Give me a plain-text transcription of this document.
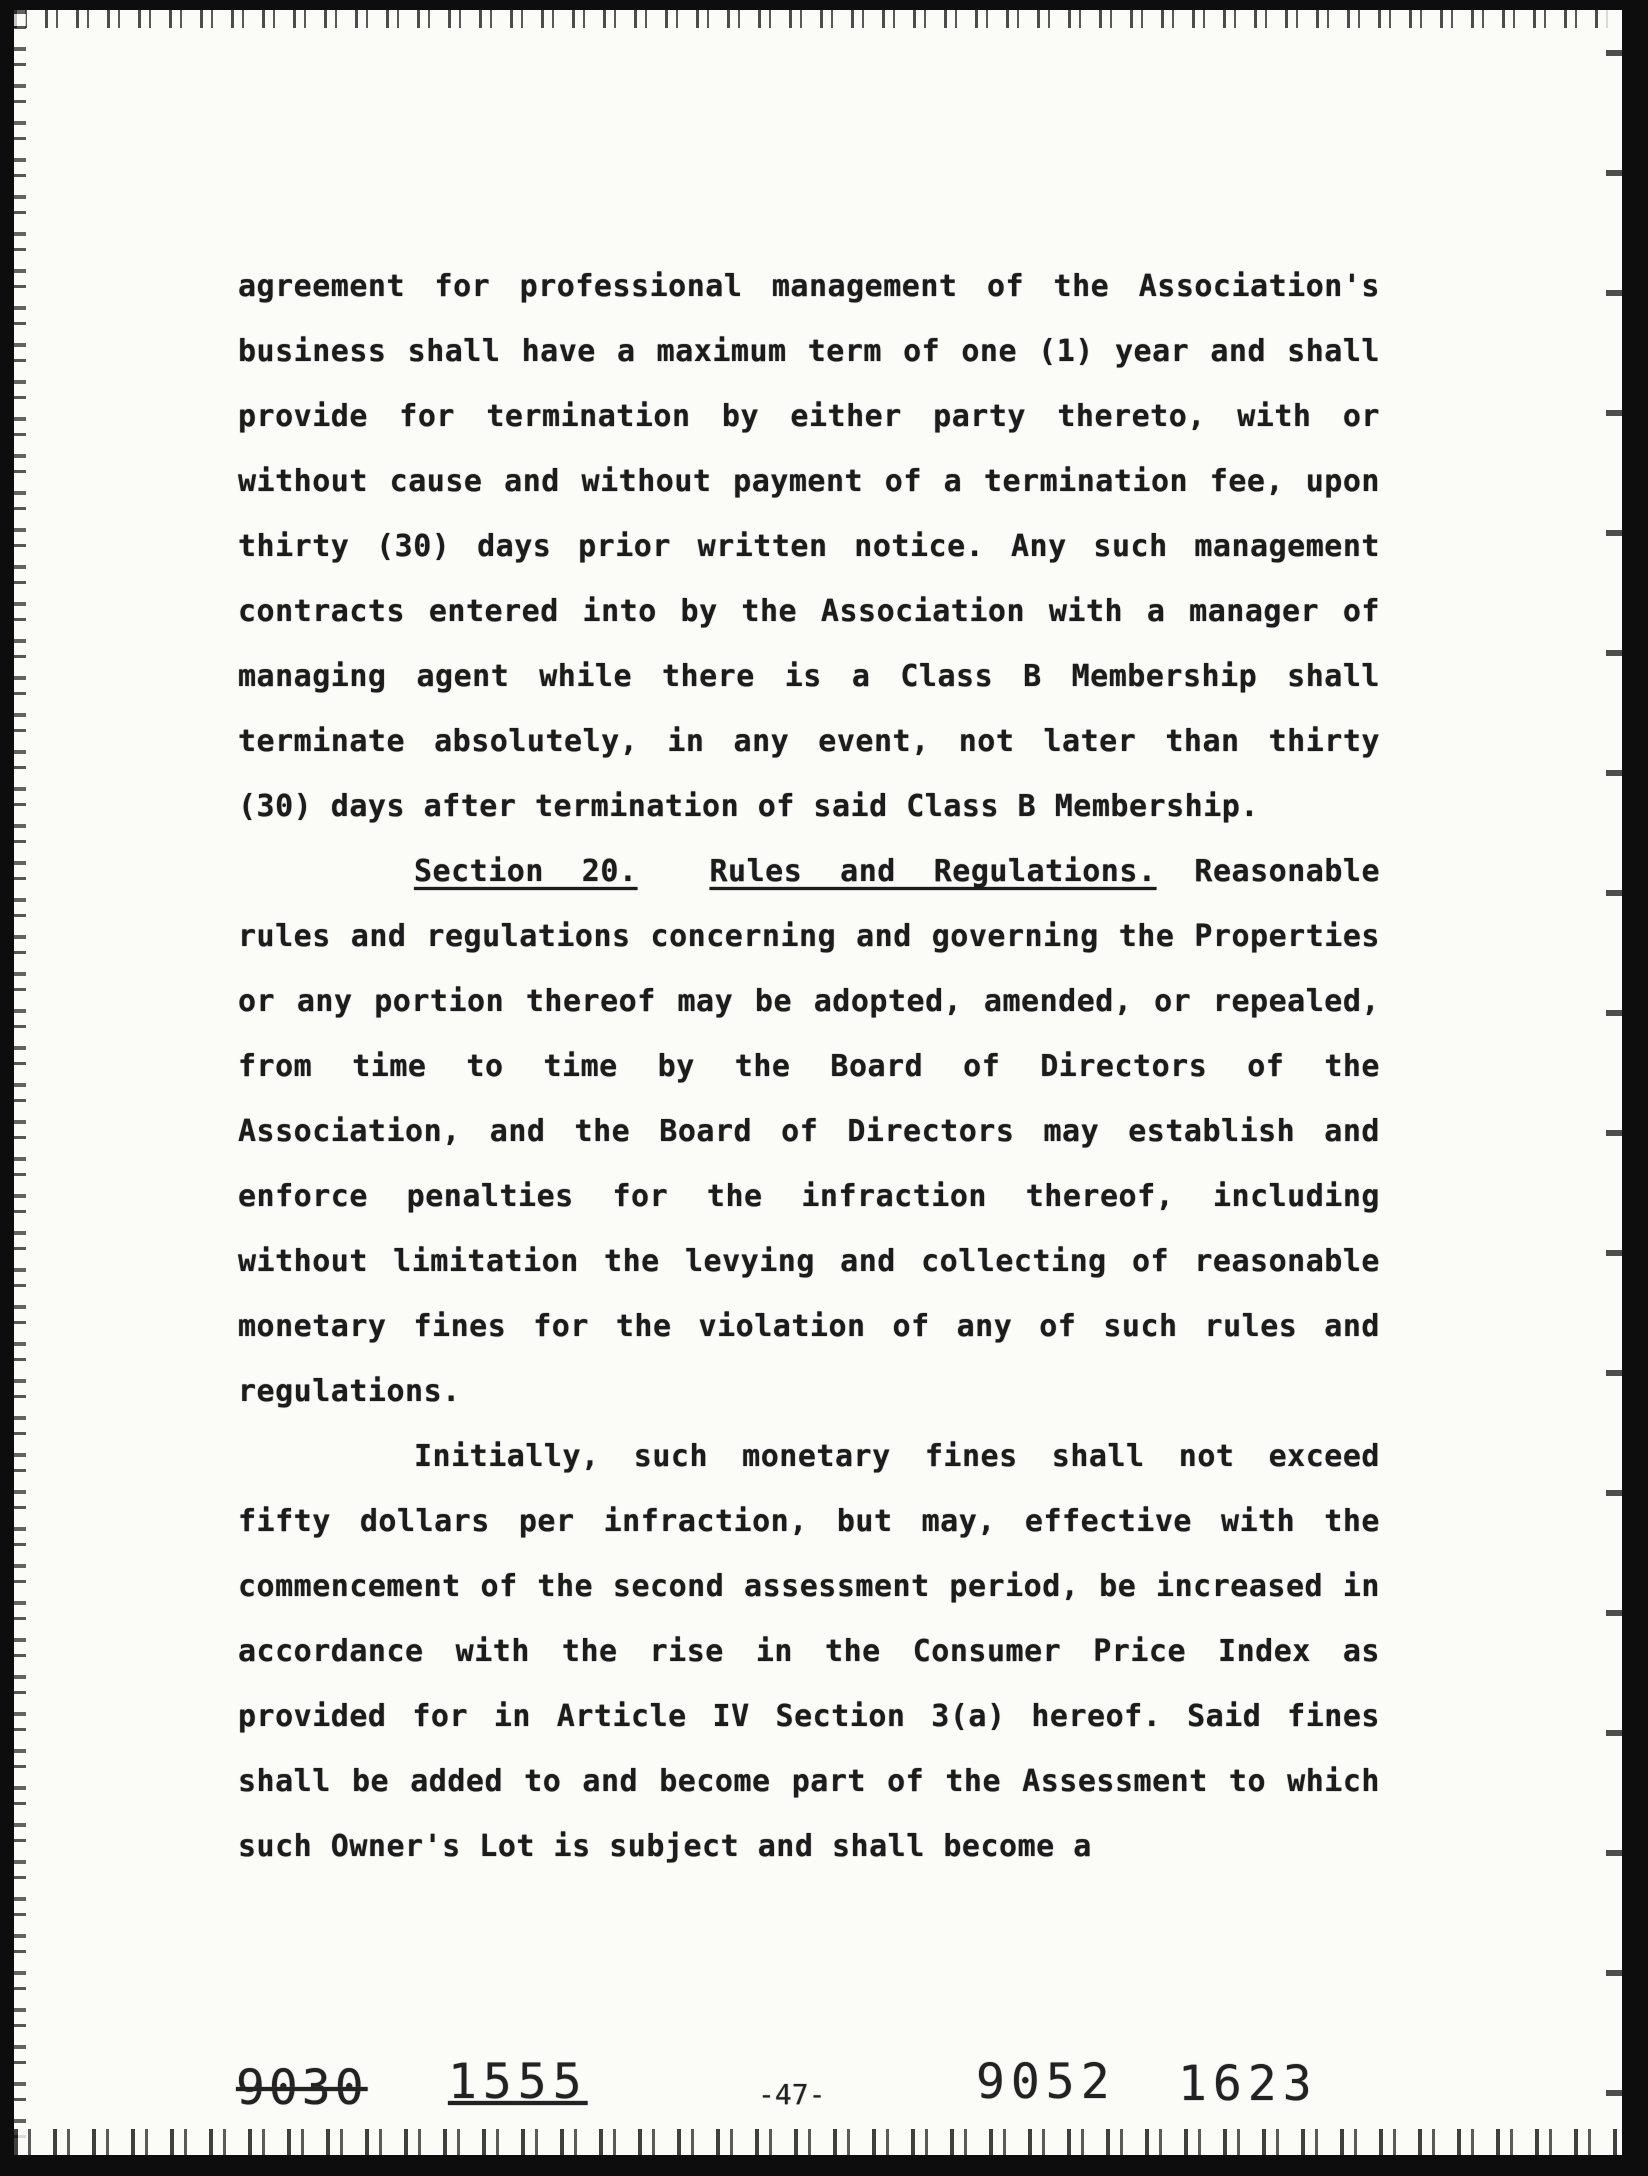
agreement for professional management of the Association's business shall have a maximum term of one (1) year and shall provide for termination by either party thereto, with or without cause and without payment of a termination fee, upon thirty (30) days prior written notice. Any such management contracts entered into by the Association with a manager of managing agent while there is a Class B Membership shall terminate absolutely, in any event, not later than thirty (30) days after termination of said Class B Membership.

Section 20. Rules and Regulations. Reasonable rules and regulations concerning and governing the Properties or any portion thereof may be adopted, amended, or repealed, from time to time by the Board of Directors of the Association, and the Board of Directors may establish and enforce penalties for the infraction thereof, including without limitation the levying and collecting of reasonable monetary fines for the violation of any of such rules and regulations.

Initially, such monetary fines shall not exceed fifty dollars per infraction, but may, effective with the commencement of the second assessment period, be increased in accordance with the rise in the Consumer Price Index as provided for in Article IV Section 3(a) hereof. Said fines shall be added to and become part of the Assessment to which such Owner's Lot is subject and shall become a

9030 1555	-47-	9052 1623
